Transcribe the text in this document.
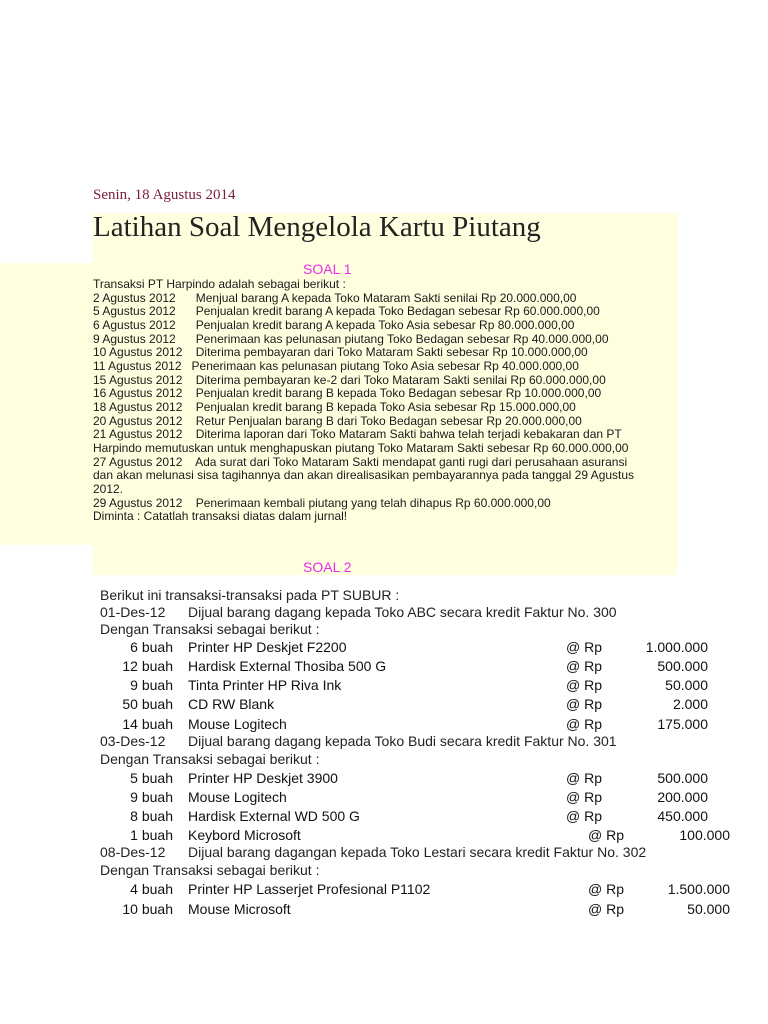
Senin, 18 Agustus 2014
Latihan Soal Mengelola Kartu Piutang
SOAL 1
Transaksi PT Harpindo adalah sebagai berikut :
2 Agustus 2012      Menjual barang A kepada Toko Mataram Sakti senilai Rp 20.000.000,00
5 Agustus 2012      Penjualan kredit barang A kepada Toko Bedagan sebesar Rp 60.000.000,00
6 Agustus 2012      Penjualan kredit barang A kepada Toko Asia sebesar Rp 80.000.000,00
9 Agustus 2012      Penerimaan kas pelunasan piutang Toko Bedagan sebesar Rp 40.000.000,00
10 Agustus 2012    Diterima pembayaran dari Toko Mataram Sakti sebesar Rp 10.000.000,00
11 Agustus 2012   Penerimaan kas pelunasan piutang Toko Asia sebesar Rp 40.000.000,00
15 Agustus 2012    Diterima pembayaran ke-2 dari Toko Mataram Sakti senilai Rp 60.000.000,00
16 Agustus 2012    Penjualan kredit barang B kepada Toko Bedagan sebesar Rp 10.000.000,00
18 Agustus 2012    Penjualan kredit barang B kepada Toko Asia sebesar Rp 15.000.000,00
20 Agustus 2012    Retur Penjualan barang B dari Toko Bedagan sebesar Rp 20.000.000,00
21 Agustus 2012    Diterima laporan dari Toko Mataram Sakti bahwa telah terjadi kebakaran dan PT
Harpindo memutuskan untuk menghapuskan piutang Toko Mataram Sakti sebesar Rp 60.000.000,00
27 Agustus 2012    Ada surat dari Toko Mataram Sakti mendapat ganti rugi dari perusahaan asuransi
dan akan melunasi sisa tagihannya dan akan direalisasikan pembayarannya pada tanggal 29 Agustus
2012.
29 Agustus 2012    Penerimaan kembali piutang yang telah dihapus Rp 60.000.000,00
Diminta : Catatlah transaksi diatas dalam jurnal!
SOAL 2
Berikut ini transaksi-transaksi pada PT SUBUR :
01-Des-12 Dijual barang dagang kepada Toko ABC secara kredit Faktur No. 300
Dengan Transaksi sebagai berikut :
6 buah Printer HP Deskjet F2200	@ Rp	1.000.000
12 buah Hardisk External Thosiba 500 G	@ Rp	500.000
9 buah Tinta Printer HP Riva Ink	@ Rp	50.000
50 buah CD RW Blank	@ Rp	2.000
14 buah Mouse Logitech	@ Rp	175.000
03-Des-12 Dijual barang dagang kepada Toko Budi secara kredit Faktur No. 301
Dengan Transaksi sebagai berikut :
5 buah Printer HP Deskjet 3900	@ Rp	500.000
9 buah Mouse Logitech	@ Rp	200.000
8 buah Hardisk External WD 500 G	@ Rp	450.000
1 buah Keybord Microsoft	@ Rp	100.000
08-Des-12 Dijual barang dagangan kepada Toko Lestari secara kredit Faktur No. 302
Dengan Transaksi sebagai berikut :
4 buah Printer HP Lasserjet Profesional P1102	@ Rp	1.500.000
10 buah Mouse Microsoft	@ Rp	50.000
